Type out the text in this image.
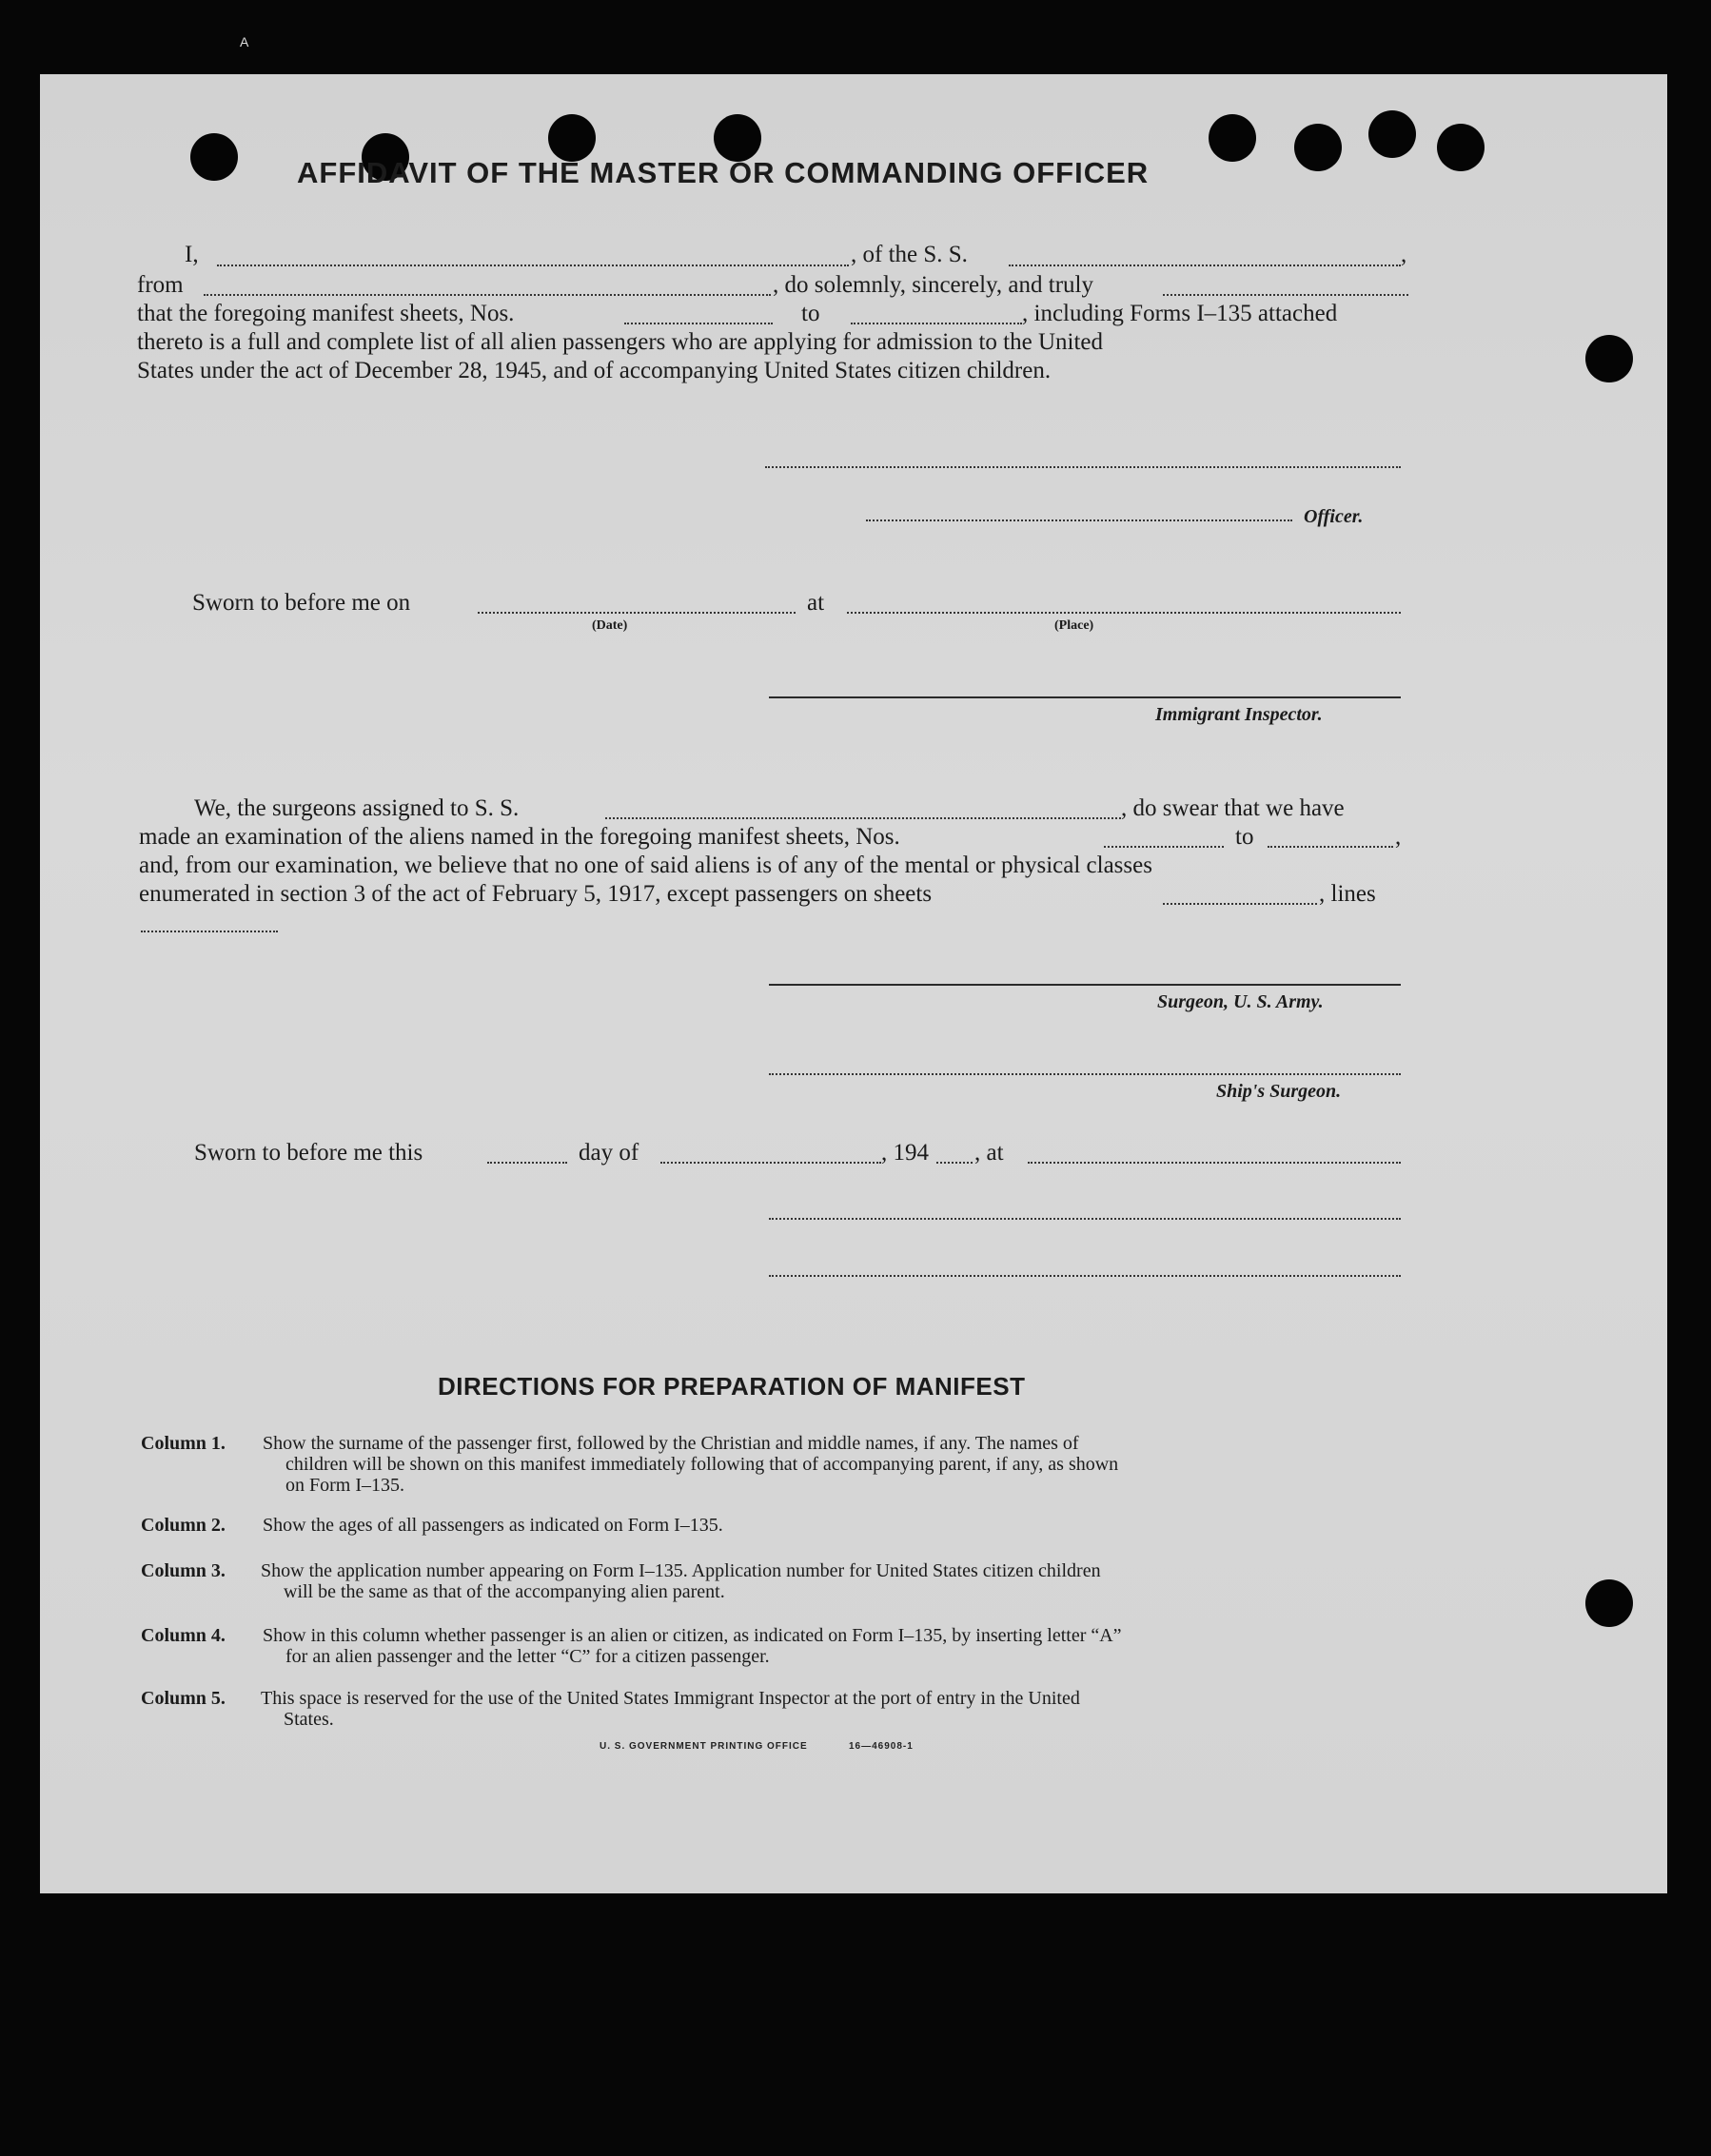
A
AFFIDAVIT OF THE MASTER OR COMMANDING OFFICER
I,	, of the S. S.	,
from	, do solemnly, sincerely, and truly
that the foregoing manifest sheets, Nos.	to	, including Forms I–135 attached
thereto is a full and complete list of all alien passengers who are applying for admission to the United
States under the act of December 28, 1945, and of accompanying United States citizen children.
Officer.
Sworn to before me on
(Date)
at
(Place)
Immigrant Inspector.
We, the surgeons assigned to S. S.	, do swear that we have
made an examination of the aliens named in the foregoing manifest sheets, Nos.	to	,
and, from our examination, we believe that no one of said aliens is of any of the mental or physical classes
enumerated in section 3 of the act of February 5, 1917, except passengers on sheets	, lines
Surgeon, U. S. Army.
Ship's Surgeon.
Sworn to before me this	day of	, 194 , at
DIRECTIONS FOR PREPARATION OF MANIFEST
Column 1. Show the surname of the passenger first, followed by the Christian and middle names, if any. The names of
children will be shown on this manifest immediately following that of accompanying parent, if any, as shown
on Form I–135.
Column 2. Show the ages of all passengers as indicated on Form I–135.
Column 3. Show the application number appearing on Form I–135. Application number for United States citizen children
will be the same as that of the accompanying alien parent.
Column 4. Show in this column whether passenger is an alien or citizen, as indicated on Form I–135, by inserting letter “A”
for an alien passenger and the letter “C” for a citizen passenger.
Column 5. This space is reserved for the use of the United States Immigrant Inspector at the port of entry in the United
States.
U. S. GOVERNMENT PRINTING OFFICE	16—46908‑1
